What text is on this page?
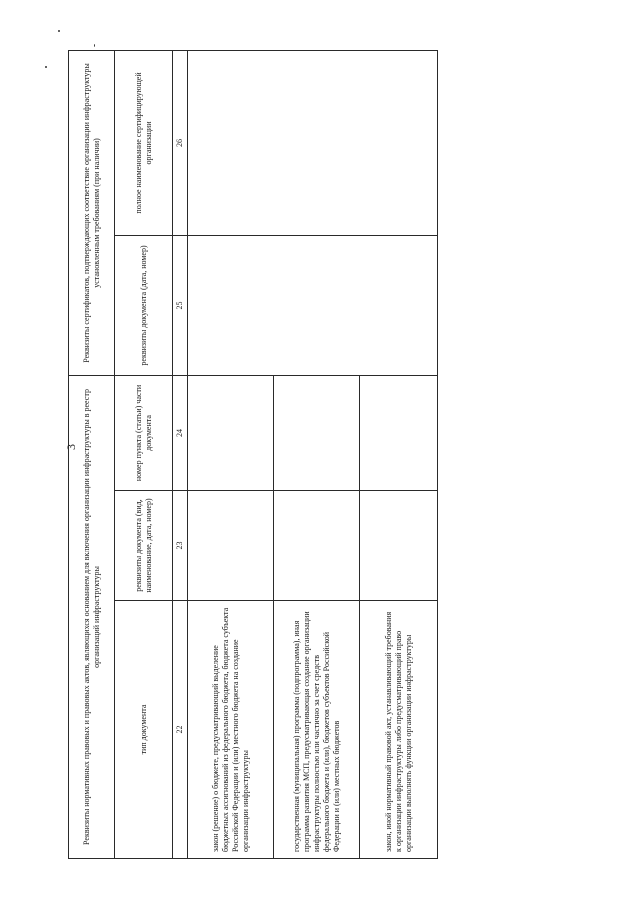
3 Реквизиты нормативных правовых и правовых актов, являющихся основанием для включения организации инфраструктуры в реестр организаций инфраструктуры			Реквизиты сертификатов, подтверждающих соответствие организации инфраструктуры установленным требованиям (при наличии)	
тип документа	реквизиты документа (вид, наименование, дата, номер)	номер пункта (статьи) части документа	реквизиты документа (дата, номер)	полное наименование сертифицирующей организации
22	23	24	25	26
закон (решение) о бюджете, предусматривающий выделение бюджетных ассигнований из федерального бюджета, бюджета субъекта Российской Федерации и (или) местного бюджета на создание организации инфраструктуры				
государственная (муниципальная) программа (подпрограмма), иная программа развития МСП, предусматривающая создание организации инфраструктуры полностью или частично за счет средств федерального бюджета и (или), бюджетов субъектов Российской Федерации и (или) местных бюджетов				
закон, иной нормативный правовой акт, устанавливающий требования к организации инфраструктуры либо предусматривающий право организации выполнять функции организации инфраструктуры				
